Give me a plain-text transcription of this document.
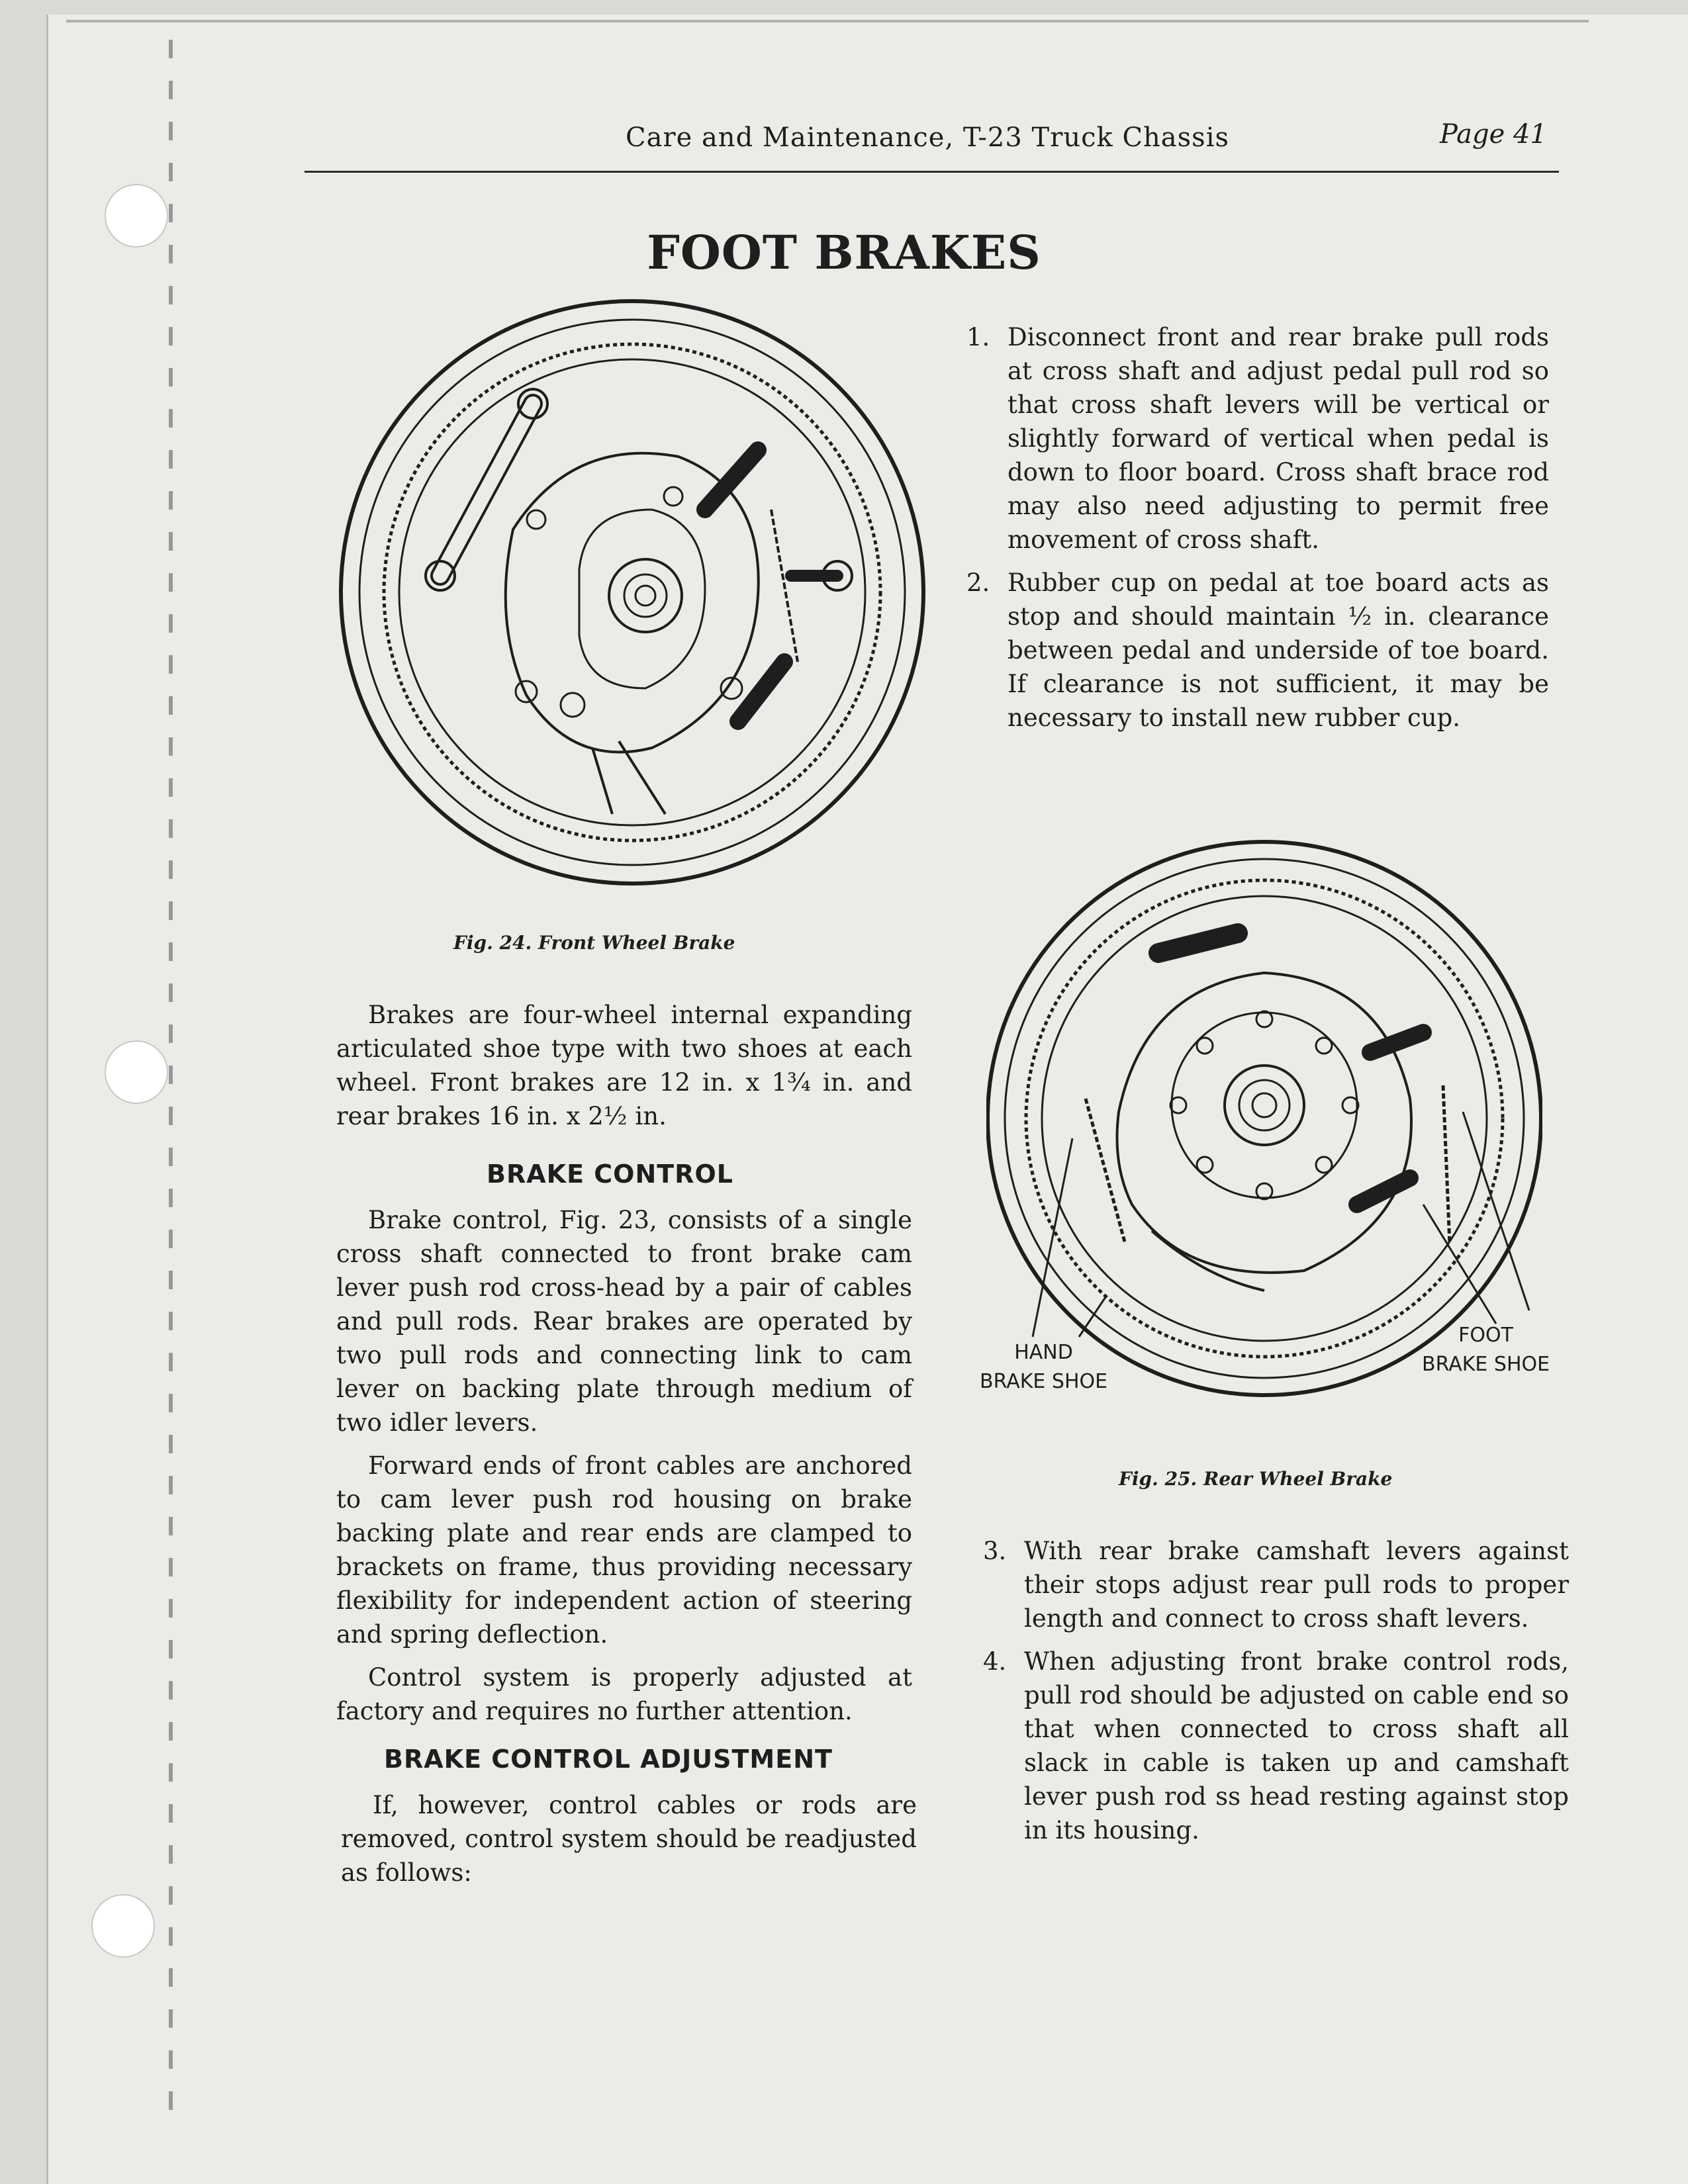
Care and Maintenance, T-23 Truck Chassis	Page 41
FOOT BRAKES
Fig. 24. Front Wheel Brake
HAND
BRAKE SHOE
FOOT
BRAKE SHOE
Fig. 25. Rear Wheel Brake

Brakes are four-wheel internal expanding articulated shoe type with two shoes at each wheel. Front brakes are 12 in. x 1¾ in. and rear brakes 16 in. x 2½ in.

BRAKE CONTROL

Brake control, Fig. 23, consists of a single cross shaft connected to front brake cam lever push rod cross-head by a pair of cables and pull rods. Rear brakes are operated by two pull rods and connecting link to cam lever on backing plate through medium of two idler levers.

Forward ends of front cables are anchored to cam lever push rod housing on brake backing plate and rear ends are clamped to brackets on frame, thus providing necessary flexibility for independent action of steering and spring deflection.

Control system is properly adjusted at factory and requires no further attention.

BRAKE CONTROL ADJUSTMENT

If, however, control cables or rods are removed, control system should be readjusted as follows:

1. Disconnect front and rear brake pull rods at cross shaft and adjust pedal pull rod so that cross shaft levers will be vertical or slightly forward of vertical when pedal is down to floor board. Cross shaft brace rod may also need adjusting to permit free movement of cross shaft.
2. Rubber cup on pedal at toe board acts as stop and should maintain ½ in. clearance between pedal and underside of toe board. If clearance is not sufficient, it may be necessary to install new rubber cup.
3. With rear brake camshaft levers against their stops adjust rear pull rods to proper length and connect to cross shaft levers.
4. When adjusting front brake control rods, pull rod should be adjusted on cable end so that when connected to cross shaft all slack in cable is taken up and camshaft lever push rod ss head resting against stop in its housing.
